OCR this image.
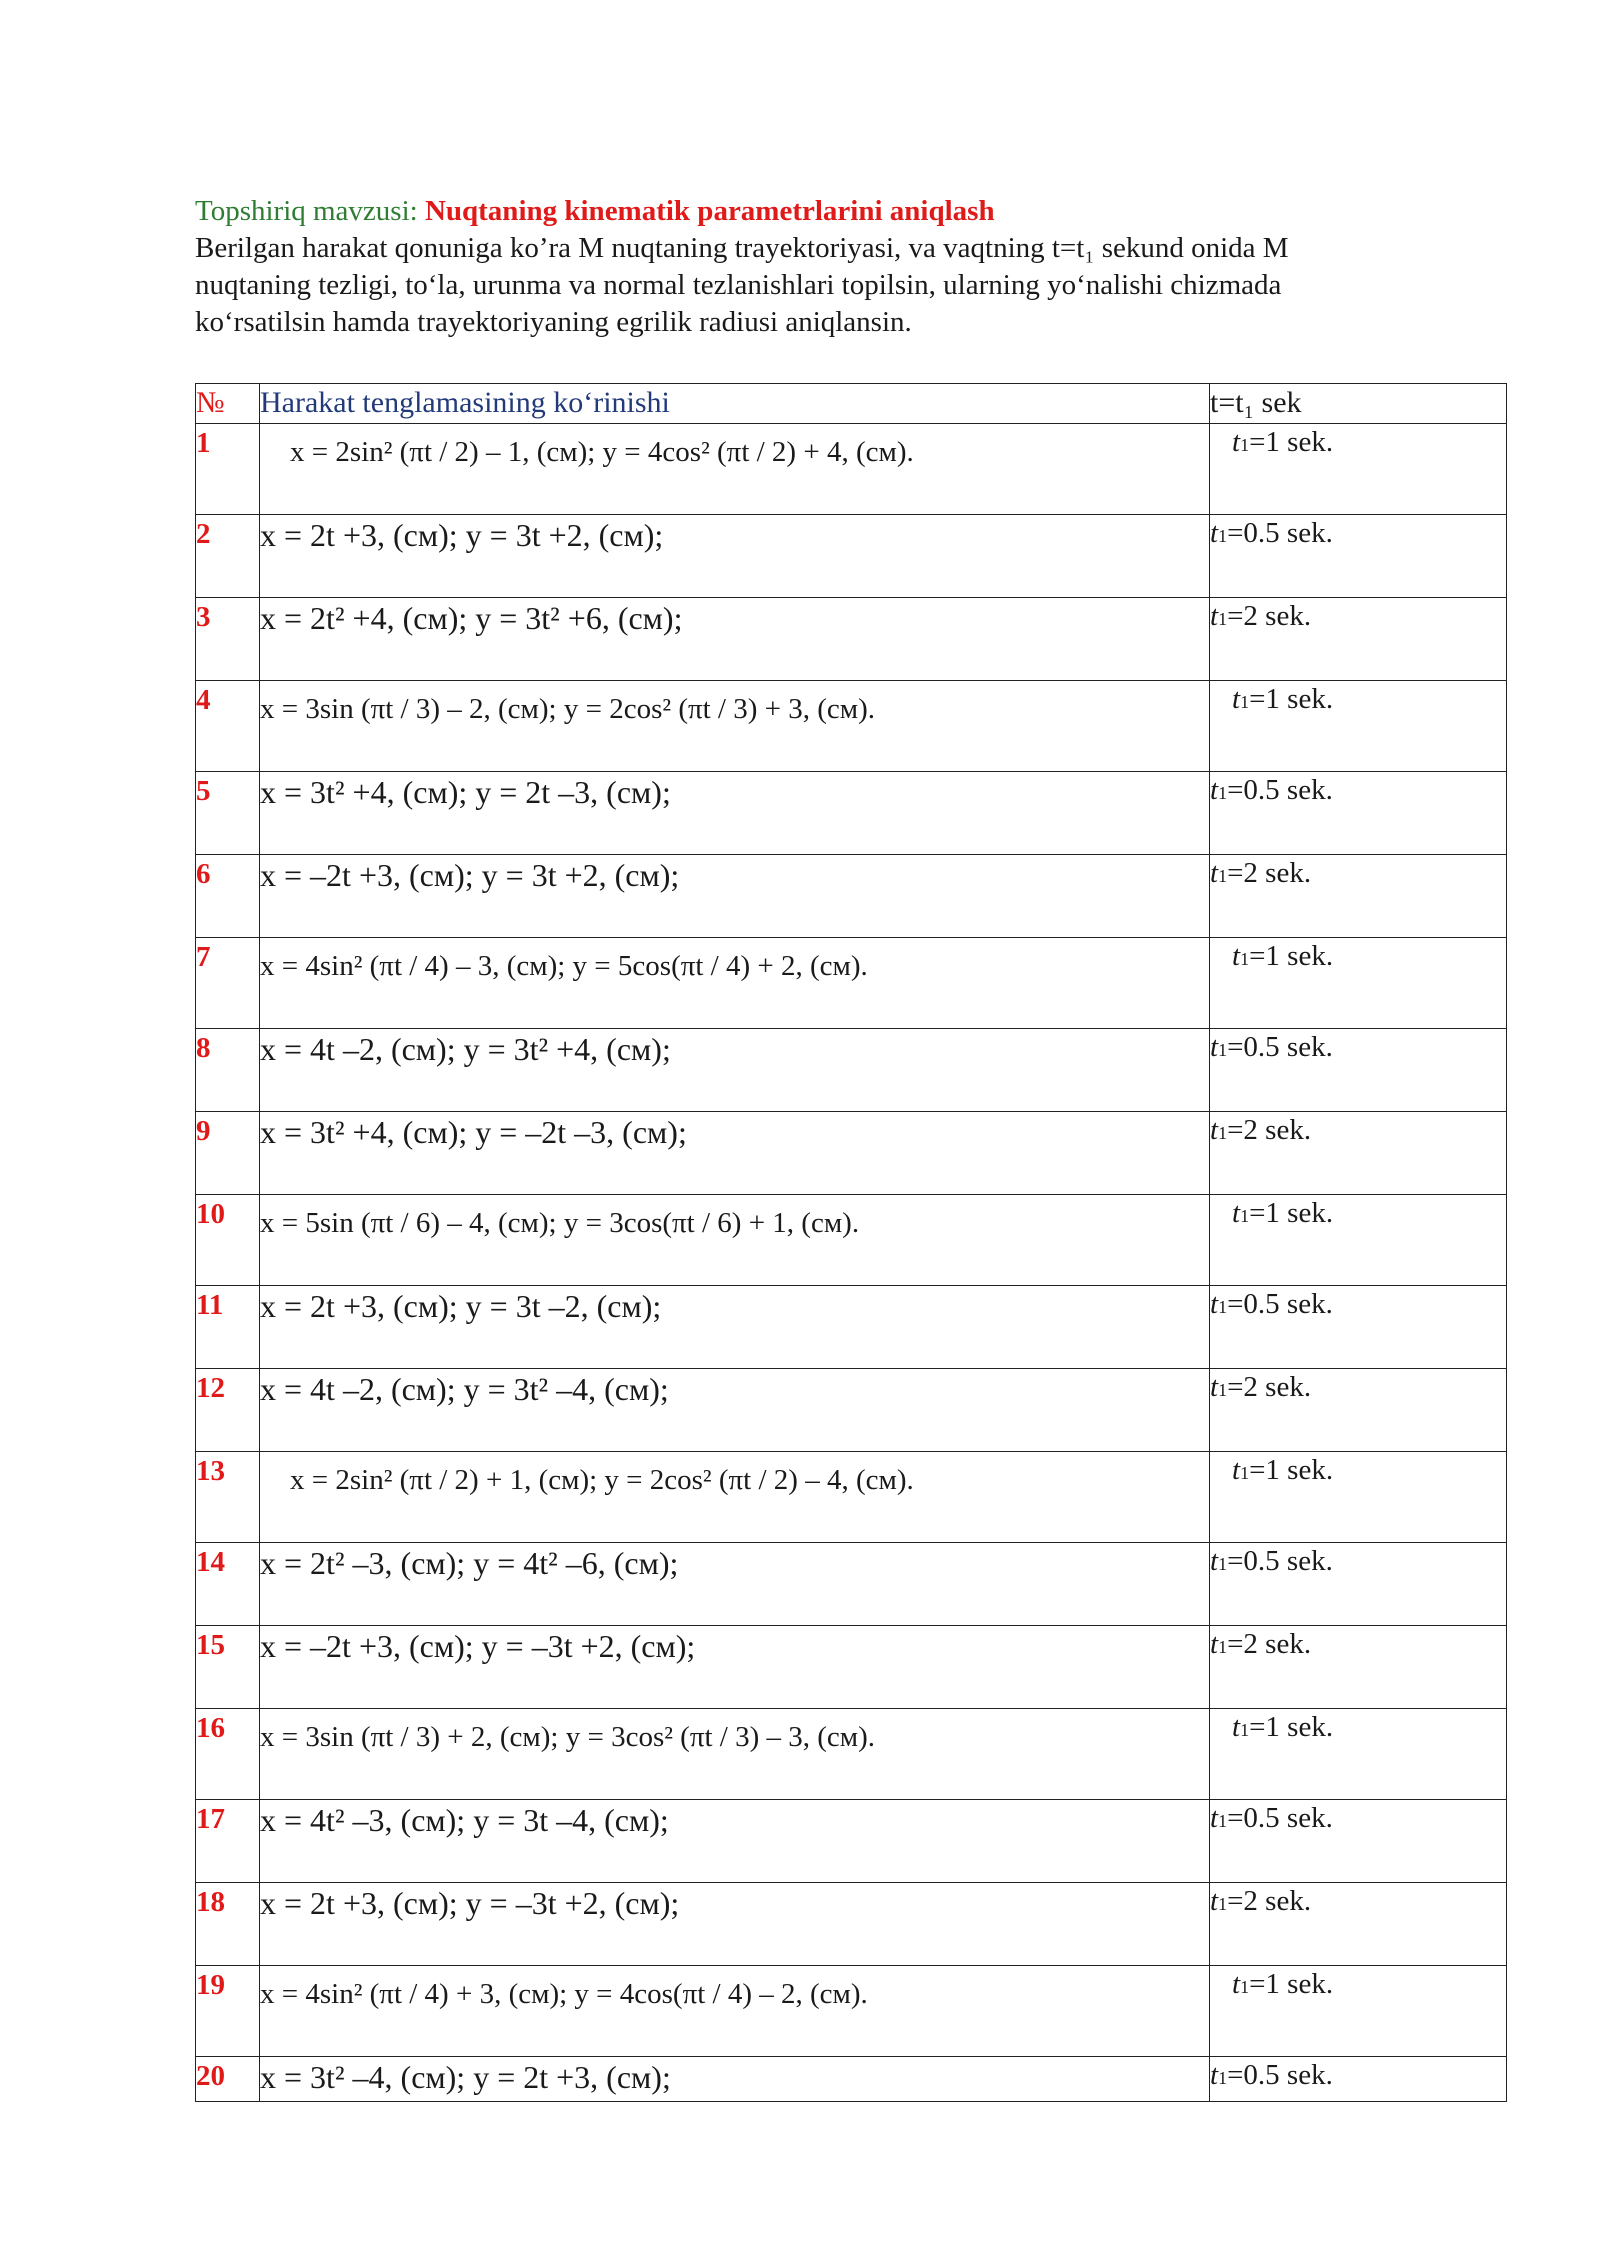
Topshiriq mavzusi: Nuqtaning kinematik parametrlarini aniqlash
Berilgan harakat qonuniga ko’ra M nuqtaning trayektoriyasi, va vaqtning t=t₁ sekund onida M
nuqtaning tezligi, to‘la, urunma va normal tezlanishlari topilsin, ularning yo‘nalishi chizmada
ko‘rsatilsin hamda trayektoriyaning egrilik radiusi aniqlansin.
№	Harakat tenglamasining ko‘rinishi	t=t₁ sek
1	x = 2sin² (πt / 2) – 1, (см); y = 4cos² (πt / 2) + 4, (см).	t1=1 sek.
2	x = 2t +3, (см); y = 3t +2, (см);	t1=0.5 sek.
3	x = 2t² +4, (см); y = 3t² +6, (см);	t1=2 sek.
4	x = 3sin (πt / 3) – 2, (см); y = 2cos² (πt / 3) + 3, (см).	t1=1 sek.
5	x = 3t² +4, (см); y = 2t –3, (см);	t1=0.5 sek.
6	x = –2t +3, (см); y = 3t +2, (см);	t1=2 sek.
7	x = 4sin² (πt / 4) – 3, (см); y = 5cos(πt / 4) + 2, (см).	t1=1 sek.
8	x = 4t –2, (см); y = 3t² +4, (см);	t1=0.5 sek.
9	x = 3t² +4, (см); y = –2t –3, (см);	t1=2 sek.
10	x = 5sin (πt / 6) – 4, (см); y = 3cos(πt / 6) + 1, (см).	t1=1 sek.
11	x = 2t +3, (см); y = 3t –2, (см);	t1=0.5 sek.
12	x = 4t –2, (см); y = 3t² –4, (см);	t1=2 sek.
13	x = 2sin² (πt / 2) + 1, (см); y = 2cos² (πt / 2) – 4, (см).	t1=1 sek.
14	x = 2t² –3, (см); y = 4t² –6, (см);	t1=0.5 sek.
15	x = –2t +3, (см); y = –3t +2, (см);	t1=2 sek.
16	x = 3sin (πt / 3) + 2, (см); y = 3cos² (πt / 3) – 3, (см).	t1=1 sek.
17	x = 4t² –3, (см); y = 3t –4, (см);	t1=0.5 sek.
18	x = 2t +3, (см); y = –3t +2, (см);	t1=2 sek.
19	x = 4sin² (πt / 4) + 3, (см); y = 4cos(πt / 4) – 2, (см).	t1=1 sek.
20	x = 3t² –4, (см); y = 2t +3, (см);	t1=0.5 sek.
